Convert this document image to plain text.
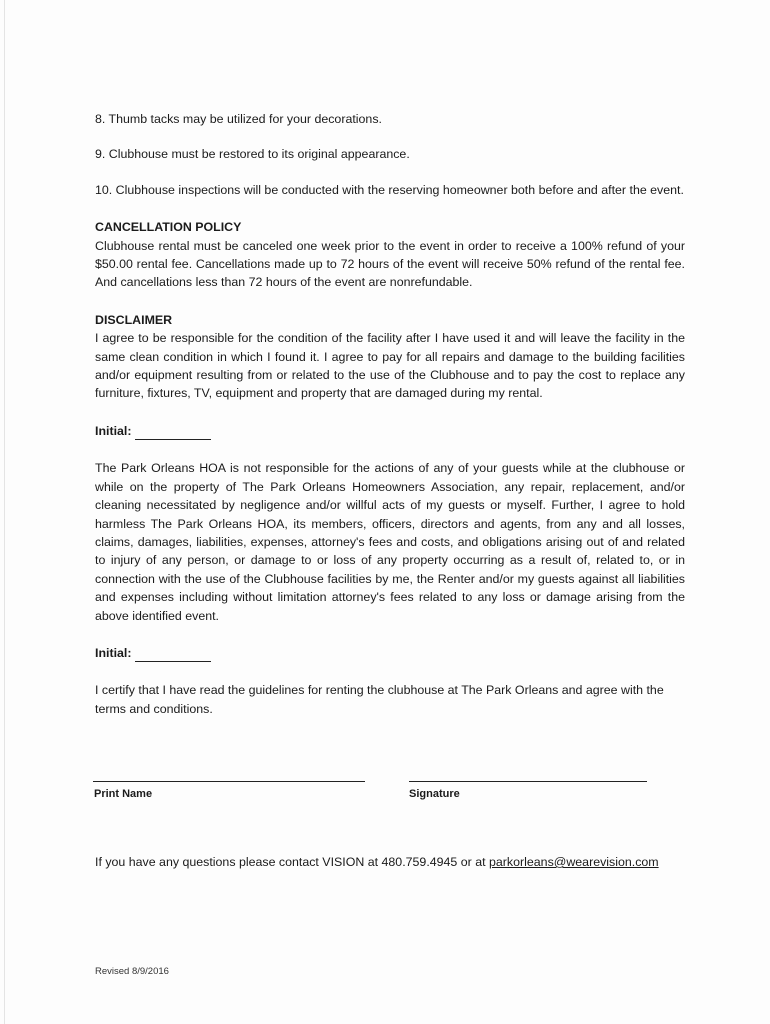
8. Thumb tacks may be utilized for your decorations.

9. Clubhouse must be restored to its original appearance.

10. Clubhouse inspections will be conducted with the reserving homeowner both before and after the event.

CANCELLATION POLICY

Clubhouse rental must be canceled one week prior to the event in order to receive a 100% refund of your $50.00 rental fee. Cancellations made up to 72 hours of the event will receive 50% refund of the rental fee. And cancellations less than 72 hours of the event are nonrefundable.

DISCLAIMER

I agree to be responsible for the condition of the facility after I have used it and will leave the facility in the same clean condition in which I found it. I agree to pay for all repairs and damage to the building facilities and/or equipment resulting from or related to the use of the Clubhouse and to pay the cost to replace any furniture, fixtures, TV, equipment and property that are damaged during my rental.

Initial:

The Park Orleans HOA is not responsible for the actions of any of your guests while at the clubhouse or while on the property of The Park Orleans Homeowners Association, any repair, replacement, and/or cleaning necessitated by negligence and/or willful acts of my guests or myself. Further, I agree to hold harmless The Park Orleans HOA, its members, officers, directors and agents, from any and all losses, claims, damages, liabilities, expenses, attorney's fees and costs, and obligations arising out of and related to injury of any person, or damage to or loss of any property occurring as a result of, related to, or in connection with the use of the Clubhouse facilities by me, the Renter and/or my guests against all liabilities and expenses including without limitation attorney's fees related to any loss or damage arising from the above identified event.

Initial:

I certify that I have read the guidelines for renting the clubhouse at The Park Orleans and agree with the terms and conditions.

Print Name	Signature
If you have any questions please contact VISION at 480.759.4945 or at parkorleans@wearevision.com
Revised 8/9/2016
